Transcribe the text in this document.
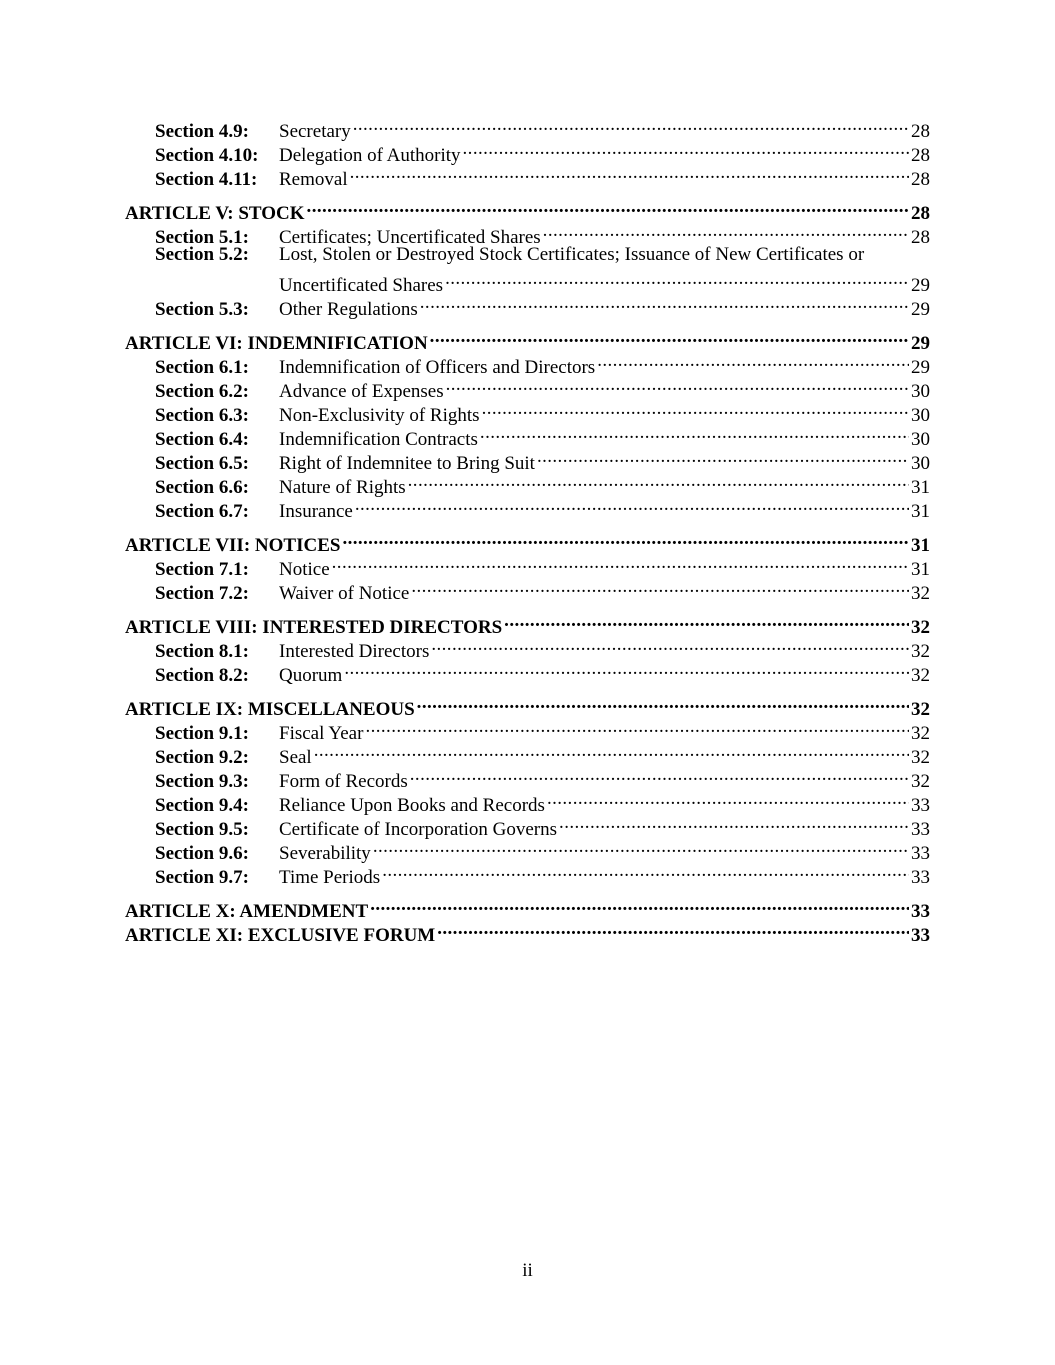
Section 4.9:	Secretary .....	28
Section 4.10:	Delegation of Authority .....	28
Section 4.11:	Removal .....	28
ARTICLE V: STOCK .....	28
Section 5.1:	Certificates; Uncertificated Shares .....	28
Section 5.2:	Lost, Stolen or Destroyed Stock Certificates; Issuance of New Certificates or
Uncertificated Shares .....	29
Section 5.3:	Other Regulations .....	29
ARTICLE VI: INDEMNIFICATION .....	29
Section 6.1:	Indemnification of Officers and Directors .....	29
Section 6.2:	Advance of Expenses .....	30
Section 6.3:	Non-Exclusivity of Rights .....	30
Section 6.4:	Indemnification Contracts .....	30
Section 6.5:	Right of Indemnitee to Bring Suit .....	30
Section 6.6:	Nature of Rights .....	31
Section 6.7:	Insurance .....	31
ARTICLE VII: NOTICES .....	31
Section 7.1:	Notice .....	31
Section 7.2:	Waiver of Notice .....	32
ARTICLE VIII: INTERESTED DIRECTORS .....	32
Section 8.1:	Interested Directors .....	32
Section 8.2:	Quorum .....	32
ARTICLE IX: MISCELLANEOUS .....	32
Section 9.1:	Fiscal Year .....	32
Section 9.2:	Seal .....	32
Section 9.3:	Form of Records .....	32
Section 9.4:	Reliance Upon Books and Records .....	33
Section 9.5:	Certificate of Incorporation Governs .....	33
Section 9.6:	Severability .....	33
Section 9.7:	Time Periods .....	33
ARTICLE X: AMENDMENT .....	33
ARTICLE XI: EXCLUSIVE FORUM .....	33
ii
